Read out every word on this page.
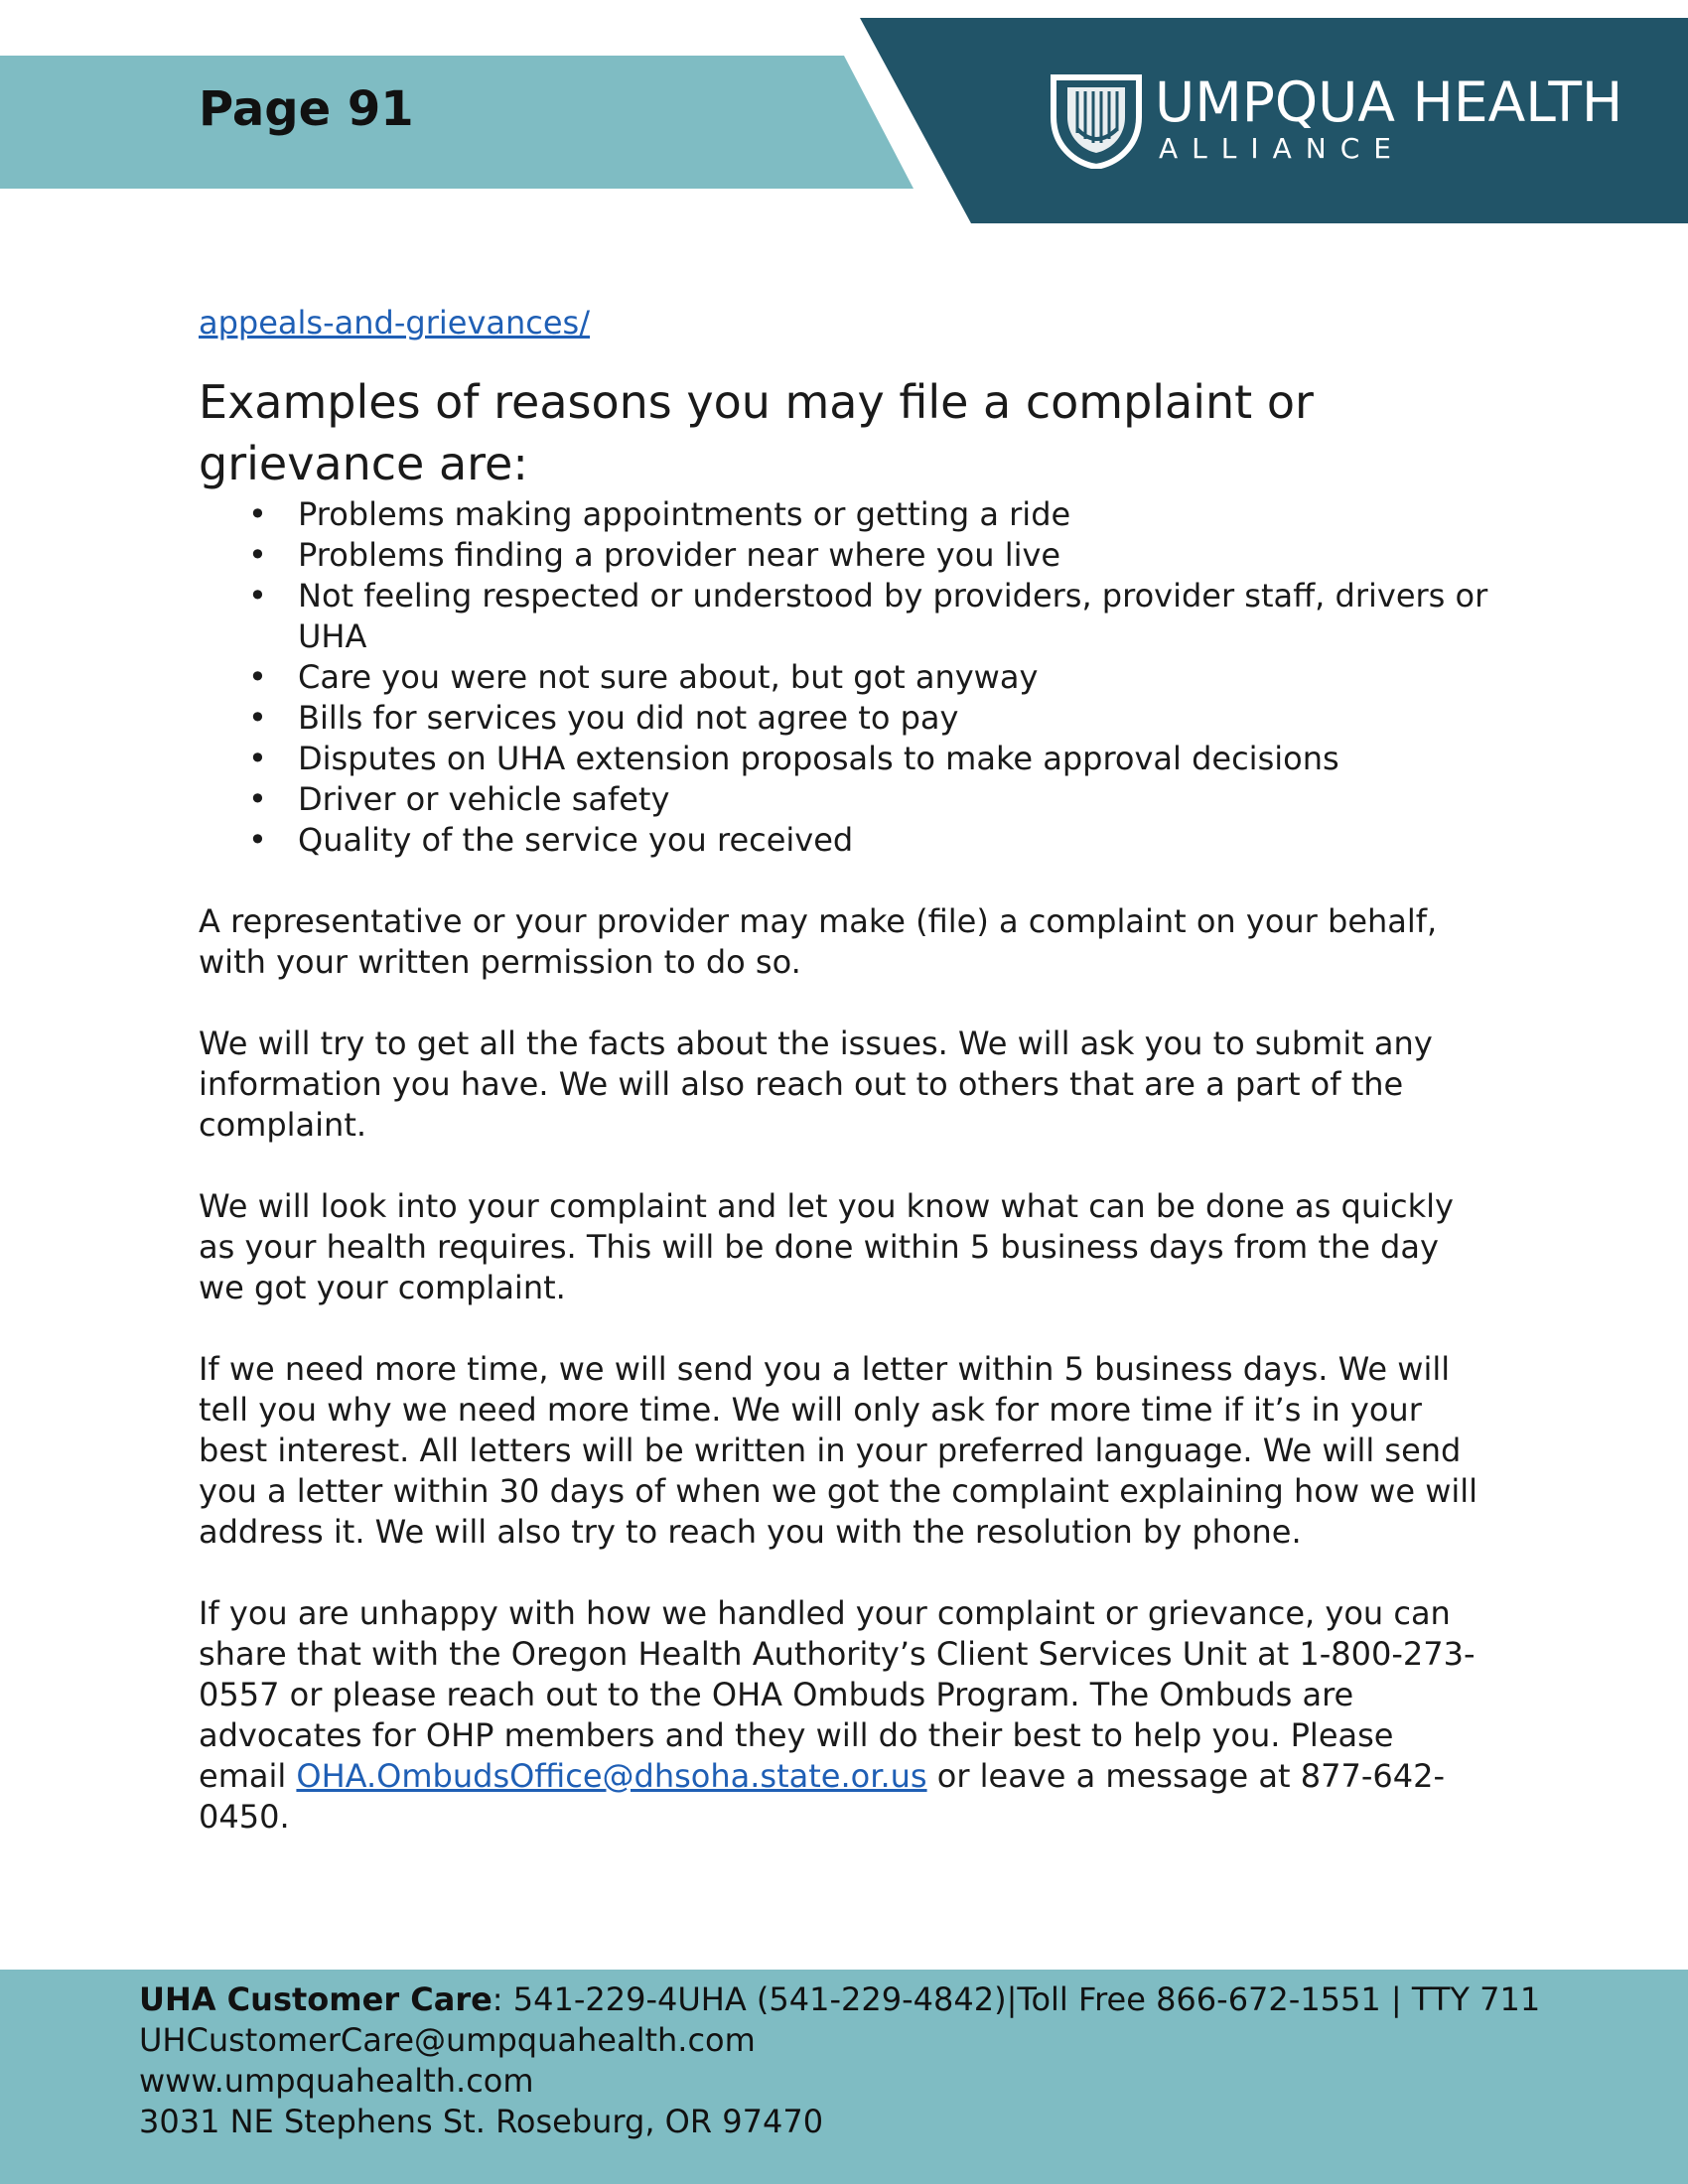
Page 91	UMPQUA HEALTH
ALLIANCE
appeals-and-grievances/
Examples of reasons you may file a complaint or grievance are:
• Problems making appointments or getting a ride
• Problems finding a provider near where you live
• Not feeling respected or understood by providers, provider staff, drivers or UHA
• Care you were not sure about, but got anyway
• Bills for services you did not agree to pay
• Disputes on UHA extension proposals to make approval decisions
• Driver or vehicle safety
• Quality of the service you received

A representative or your provider may make (file) a complaint on your behalf, with your written permission to do so.

We will try to get all the facts about the issues. We will ask you to submit any information you have. We will also reach out to others that are a part of the complaint.

We will look into your complaint and let you know what can be done as quickly as your health requires. This will be done within 5 business days from the day we got your complaint.

If we need more time, we will send you a letter within 5 business days. We will tell you why we need more time. We will only ask for more time if it’s in your best interest. All letters will be written in your preferred language. We will send you a letter within 30 days of when we got the complaint explaining how we will address it. We will also try to reach you with the resolution by phone.

If you are unhappy with how we handled your complaint or grievance, you can share that with the Oregon Health Authority’s Client Services Unit at 1-800-273-0557 or please reach out to the OHA Ombuds Program. The Ombuds are advocates for OHP members and they will do their best to help you. Please email OHA.OmbudsOffice@dhsoha.state.or.us or leave a message at 877-642-0450.

UHA Customer Care: 541-229-4UHA (541-229-4842)|Toll Free 866-672-1551 | TTY 711
UHCustomerCare@umpquahealth.com
www.umpquahealth.com
3031 NE Stephens St. Roseburg, OR 97470
